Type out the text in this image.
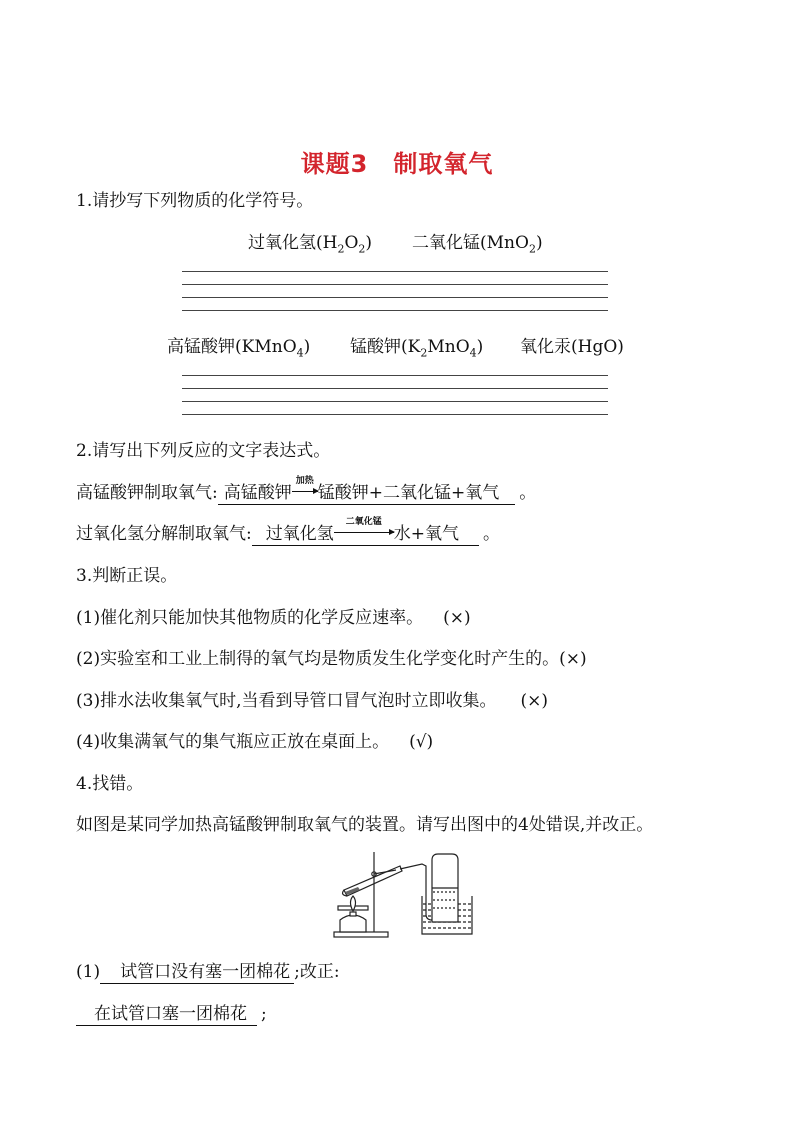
课题3　制取氧气
1.请抄写下列物质的化学符号。
过氧化氢$(H_2O_2)$ 二氧化锰(MnO$_2$)
高锰酸钾(KMnO$_4$) 锰酸钾$(K_2MnO_4)$ 氧化汞(HgO)
2.请写出下列反应的文字表达式。
高锰酸钾制取氧气: 高锰酸钾
加热
锰酸钾+二氧化锰+氧气 。
过氧化氢分解制取氧气: 过氧化氢
二氧化锰
水+氧气 。
3.判断正误。
(1)催化剂只能加快其他物质的化学反应速率。 (×)
(2)实验室和工业上制得的氧气均是物质发生化学变化时产生的。(×)
(3)排水法收集氧气时,当看到导管口冒气泡时立即收集。 (×)
(4)收集满氧气的集气瓶应正放在桌面上。 (√)
4.找错。
如图是某同学加热高锰酸钾制取氧气的装置。请写出图中的4处错误,并改正。
(1) 试管口没有塞一团棉花 ;改正:
在试管口塞一团棉花 ;
